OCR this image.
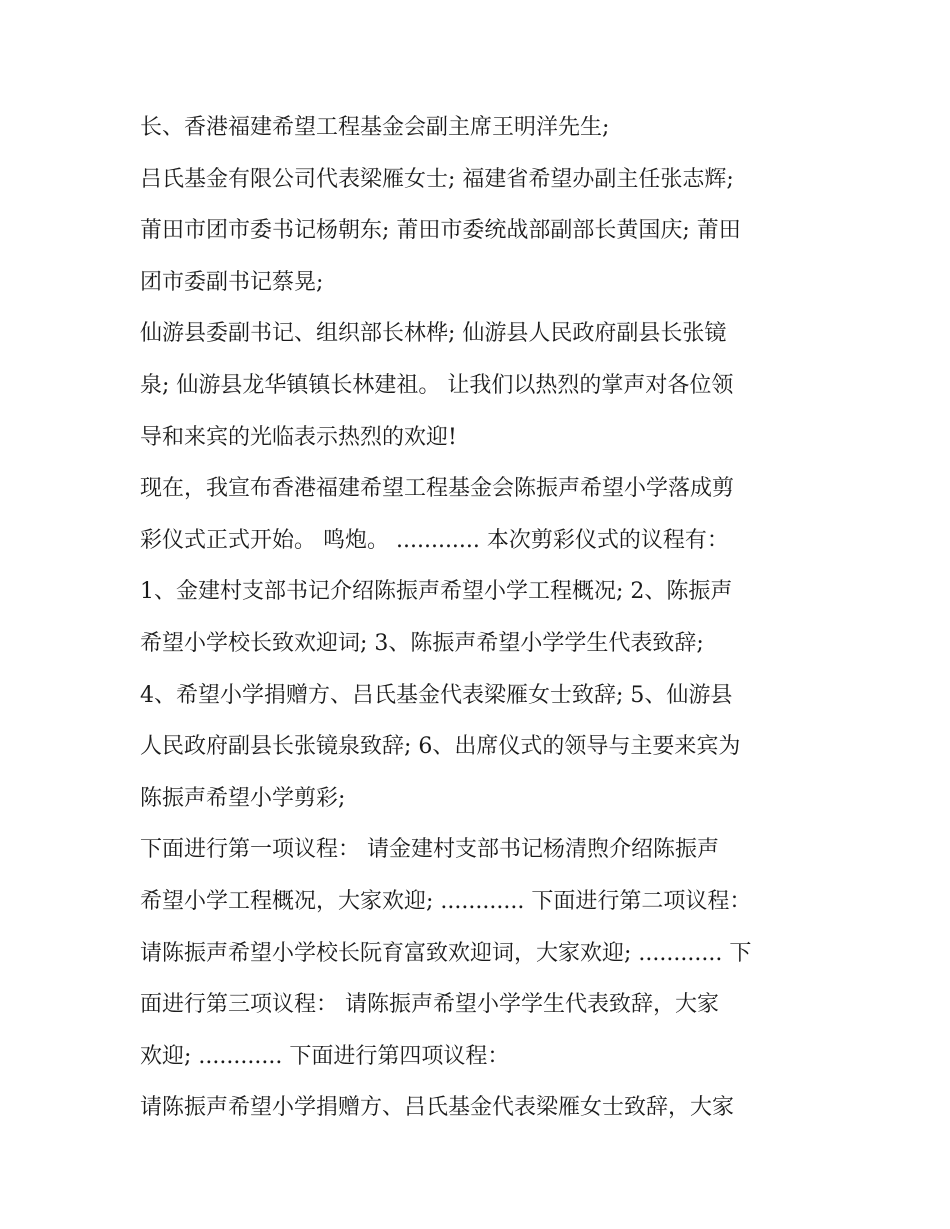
长、香港福建希望工程基金会副主席王明洋先生;
吕氏基金有限公司代表梁雁女士; 福建省希望办副主任张志辉;
莆田市团市委书记杨朝东; 莆田市委统战部副部长黄国庆; 莆田
团市委副书记蔡晃;
仙游县委副书记、组织部长林桦; 仙游县人民政府副县长张镜
泉; 仙游县龙华镇镇长林建祖。 让我们以热烈的掌声对各位领
导和来宾的光临表示热烈的欢迎!
现在，我宣布香港福建希望工程基金会陈振声希望小学落成剪
彩仪式正式开始。 鸣炮。 ............ 本次剪彩仪式的议程有：
1、金建村支部书记介绍陈振声希望小学工程概况; 2、陈振声
希望小学校长致欢迎词; 3、陈振声希望小学学生代表致辞;
4、希望小学捐赠方、吕氏基金代表梁雁女士致辞; 5、仙游县
人民政府副县长张镜泉致辞; 6、出席仪式的领导与主要来宾为
陈振声希望小学剪彩;
下面进行第一项议程： 请金建村支部书记杨清煦介绍陈振声
希望小学工程概况，大家欢迎; ............ 下面进行第二项议程：
请陈振声希望小学校长阮育富致欢迎词，大家欢迎; ............ 下
面进行第三项议程： 请陈振声希望小学学生代表致辞，大家
欢迎; ............ 下面进行第四项议程：
请陈振声希望小学捐赠方、吕氏基金代表梁雁女士致辞，大家
